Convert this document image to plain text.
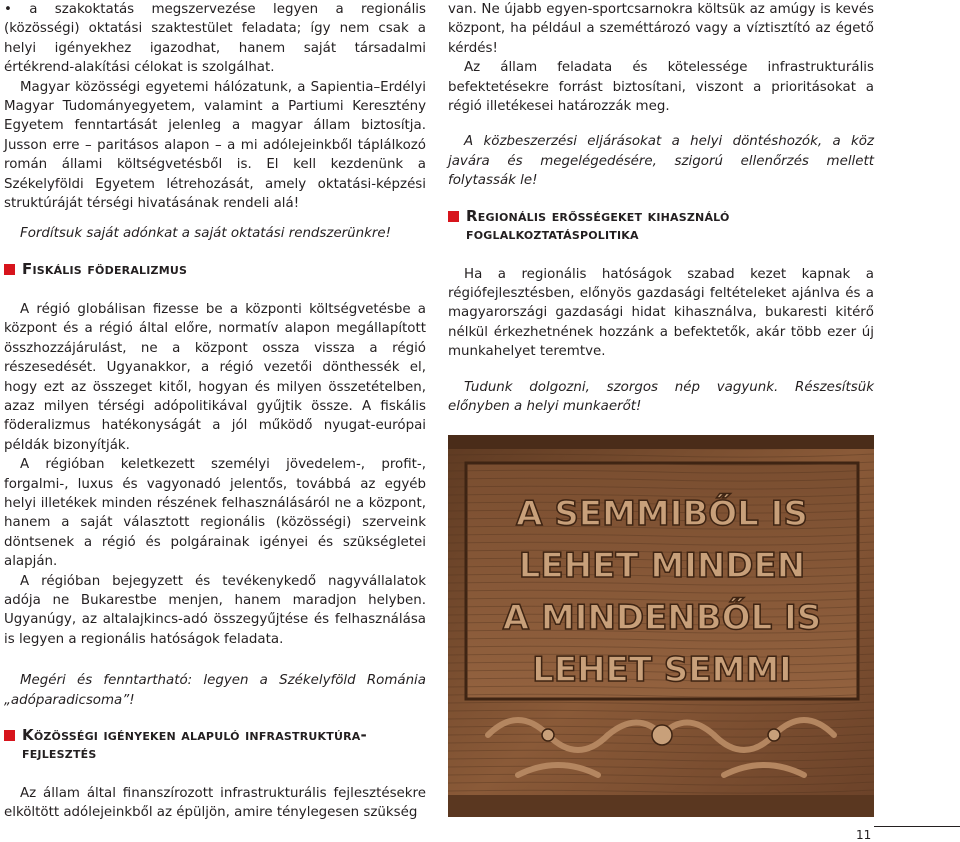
• a szakoktatás megszervezése legyen a regionális (közösségi) oktatási szaktestület feladata; így nem csak a helyi igényekhez igazodhat, hanem saját társadalmi értékrend-alakítási célokat is szolgálhat.

Magyar közösségi egyetemi hálózatunk, a Sapientia–Erdélyi Magyar Tudományegyetem, valamint a Partiumi Keresztény Egyetem fenntartását jelenleg a magyar állam biztosítja. Jusson erre – paritásos alapon – a mi adólejeinkből táplálkozó román állami költségvetésből is. El kell kezdenünk a Székelyföldi Egyetem létrehozását, amely oktatási-képzési struktúráját térségi hivatásának rendeli alá!

Fordítsuk saját adónkat a saját oktatási rendszerünkre!

Fiskális föderalizmus

A régió globálisan fizesse be a központi költségvetésbe a központ és a régió által előre, normatív alapon megállapított összhozzájárulást, ne a központ ossza vissza a régió részesedését. Ugyanakkor, a régió vezetői dönthessék el, hogy ezt az összeget kitől, hogyan és milyen összetételben, azaz milyen térségi adópolitikával gyűjtik össze. A fiskális föderalizmus hatékonyságát a jól működő nyugat-európai példák bizonyítják.

A régióban keletkezett személyi jövedelem-, profit-, forgalmi-, luxus és vagyonadó jelentős, továbbá az egyéb helyi illetékek minden részének felhasználásáról ne a központ, hanem a saját választott regionális (közösségi) szerveink döntsenek a régió és polgárainak igényei és szükségletei alapján.

A régióban bejegyzett és tevékenykedő nagyvállalatok adója ne Bukarestbe menjen, hanem maradjon helyben. Ugyanúgy, az altalajkincs-adó összegyűjtése és felhasználása is legyen a regionális hatóságok feladata.

Megéri és fenntartható: legyen a Székelyföld Románia „adóparadicsoma”!

Közösségi igényeken alapuló infrastruktúra-fejlesztés

Az állam által finanszírozott infrastrukturális fejlesztésekre elköltött adólejeinkből az épüljön, amire ténylegesen szükség

van. Ne újabb egyen-sportcsarnokra költsük az amúgy is kevés központ, ha például a szeméttározó vagy a víztisztító az égető kérdés!

Az állam feladata és kötelessége infrastrukturális befektetésekre forrást biztosítani, viszont a prioritásokat a régió illetékesei határozzák meg.

A közbeszerzési eljárásokat a helyi döntéshozók, a köz javára és megelégedésére, szigorú ellenőrzés mellett folytassák le!

Regionális erősségeket kihasználó foglalkoztatáspolitika

Ha a regionális hatóságok szabad kezet kapnak a régiófejlesztésben, előnyös gazdasági feltételeket ajánlva és a magyarországi gazdasági hidat kihasználva, bukaresti kitérő nélkül érkezhetnének hozzánk a befektetők, akár több ezer új munkahelyet teremtve.

Tudunk dolgozni, szorgos nép vagyunk. Részesítsük előnyben a helyi munkaerőt!

A SEMMIBŐL IS
LEHET MINDEN
A MINDENBŐL IS
LEHET SEMMI
11
